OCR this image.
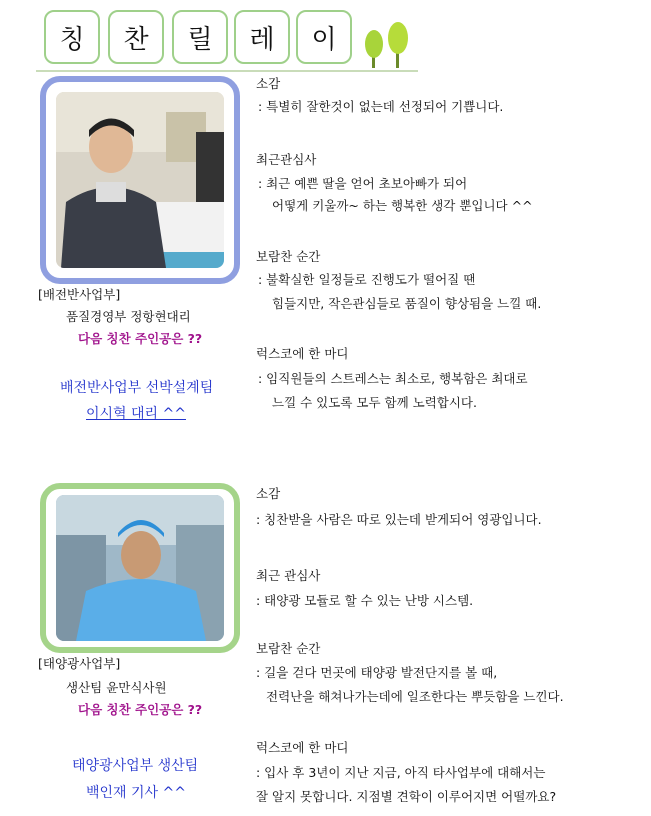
칭	찬	릴	레	이
[배전반사업부]
품질경영부 정항현대리
다음 칭찬 주인공은 ??
배전반사업부 선박설계팀
이시혁 대리 ^^
소감
: 특별히 잘한것이 없는데 선정되어 기쁩니다.
최근관심사
: 최근 예쁜 딸을 얻어 초보아빠가 되어
어떻게 키울까~ 하는 행복한 생각 뿐입니다 ^^
보람찬 순간
: 불확실한 일정들로 진행도가 떨어질 땐
힘들지만, 작은관심들로 품질이 향상됨을 느낄 때.
럭스코에 한 마디
: 임직원들의 스트레스는 최소로, 행복함은 최대로
느낄 수 있도록 모두 함께 노력합시다.
[태양광사업부]
생산팀 윤만식사원
다음 칭찬 주인공은 ??
태양광사업부 생산팀
백인재 기사 ^^
소감
: 칭찬받을 사람은 따로 있는데 받게되어 영광입니다.
최근 관심사
: 태양광 모듈로 할 수 있는 난방 시스템.
보람찬 순간
: 길을 걷다 먼곳에 태양광 발전단지를 볼 때,
전력난을 해쳐나가는데에 일조한다는 뿌듯함을 느낀다.
럭스코에 한 마디
: 입사 후 3년이 지난 지금, 아직 타사업부에 대해서는
잘 알지 못합니다. 지점별 견학이 이루어지면 어떨까요?
